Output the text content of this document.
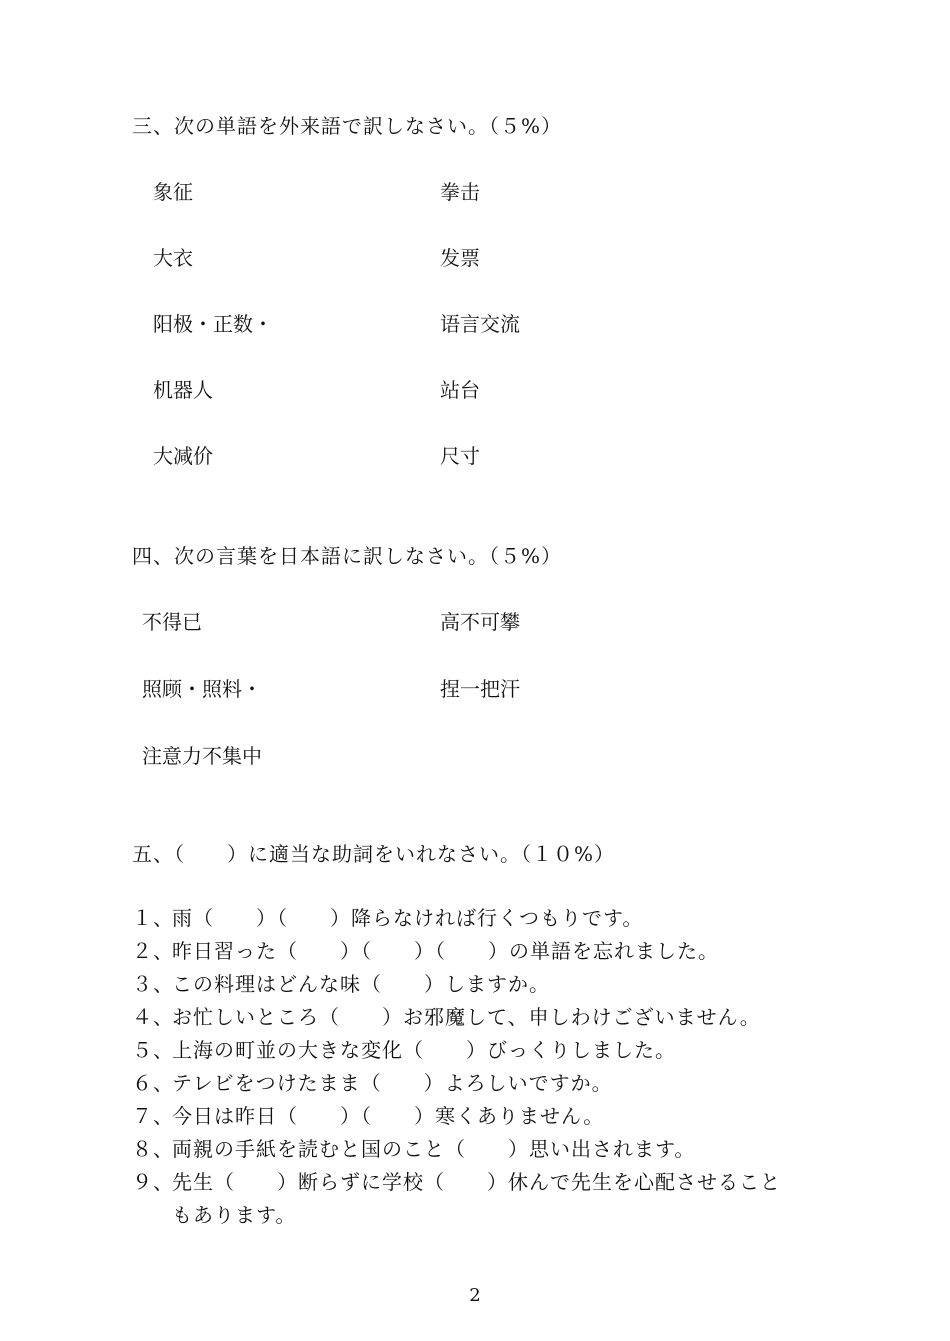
三、次の単語を外来語で訳しなさい。（５%）
象征	拳击
大衣	发票
阳极・正数・	语言交流
机器人	站台
大减价	尺寸
四、次の言葉を日本語に訳しなさい。（５%）
不得已	高不可攀
照顾・照料・	捏一把汗
注意力不集中
五、（　　）に適当な助詞をいれなさい。（１０%）
１、雨（　　）（　　）降らなければ行くつもりです。
２、昨日習った（　　）（　　）（　　）の単語を忘れました。
３、この料理はどんな味（　　）しますか。
４、お忙しいところ（　　）お邪魔して、申しわけございません。
５、上海の町並の大きな変化（　　）びっくりしました。
６、テレビをつけたまま（　　）よろしいですか。
７、今日は昨日（　　）（　　）寒くありません。
８、両親の手紙を読むと国のこと（　　）思い出されます。
９、先生（　　）断らずに学校（　　）休んで先生を心配させること
もあります。
2
